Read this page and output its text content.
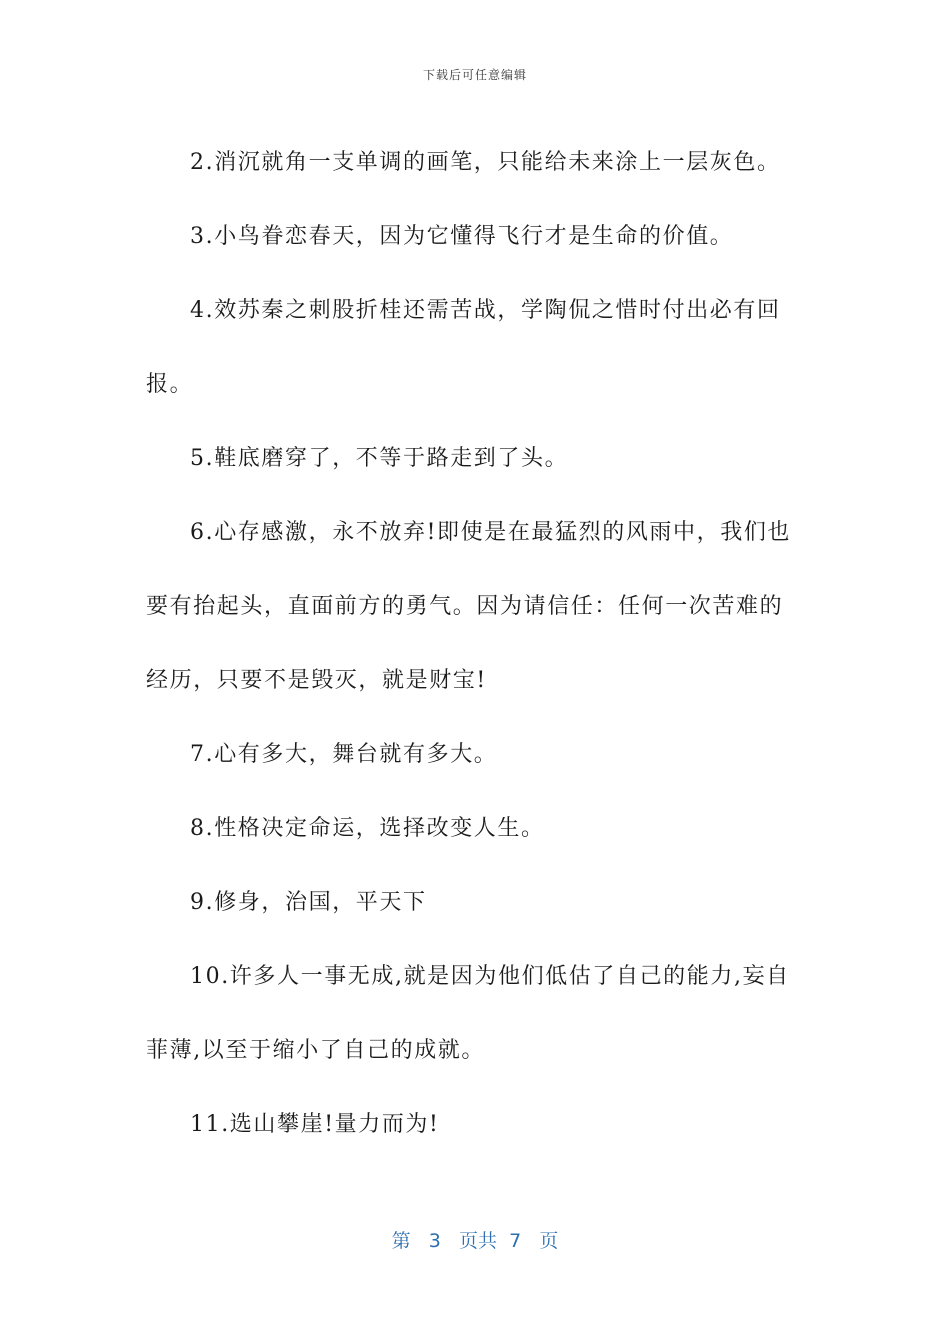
下载后可任意编辑

2.消沉就角一支单调的画笔，只能给未来涂上一层灰色。

3.小鸟眷恋春天，因为它懂得飞行才是生命的价值。

4.效苏秦之刺股折桂还需苦战，学陶侃之惜时付出必有回报。

5.鞋底磨穿了，不等于路走到了头。

6.心存感激，永不放弃!即使是在最猛烈的风雨中，我们也要有抬起头，直面前方的勇气。因为请信任：任何一次苦难的经历，只要不是毁灭，就是财宝!

7.心有多大，舞台就有多大。

8.性格决定命运，选择改变人生。

9.修身，治国，平天下

10.许多人一事无成,就是因为他们低估了自己的能力,妄自菲薄,以至于缩小了自己的成就。

11.选山攀崖!量力而为!

第 3 页共 7 页
